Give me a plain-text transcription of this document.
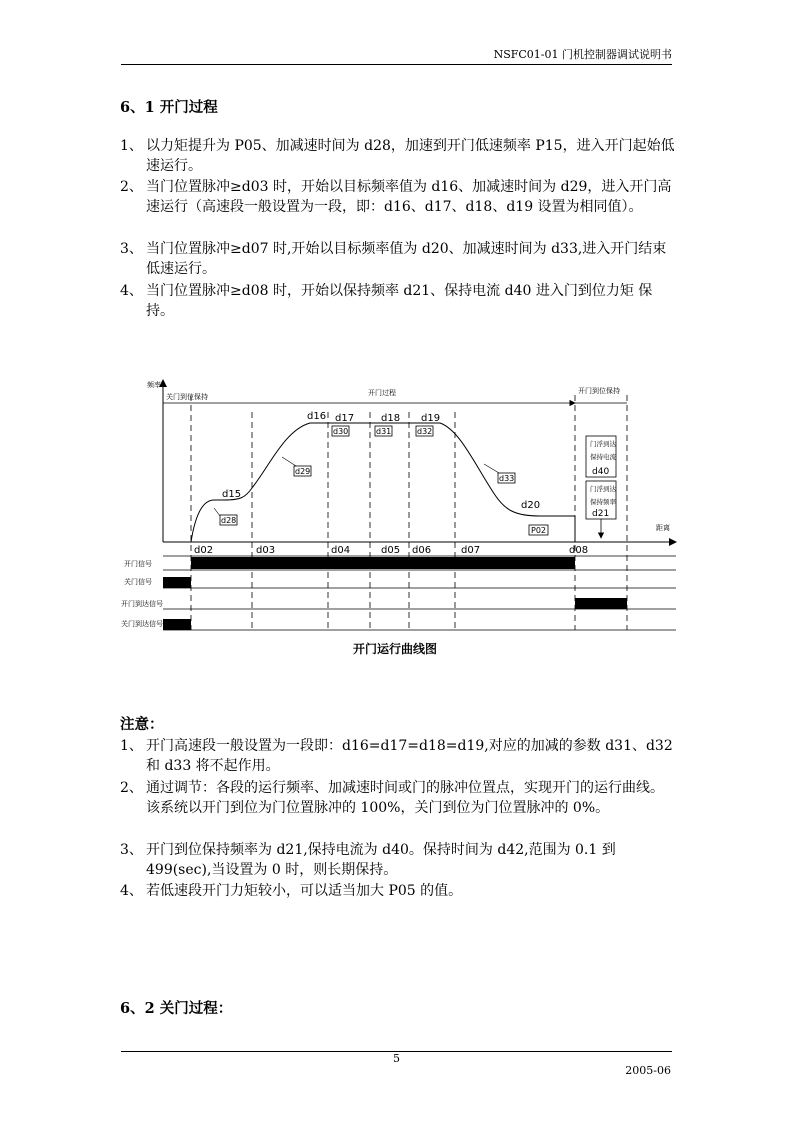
NSFC01-01 门机控制器调试说明书
6、1 开门过程
1、 以力矩提升为 P05、加减速时间为 d28，加速到开门低速频率 P15，进入开门起始低速运行。
2、 当门位置脉冲≥d03 时，开始以目标频率值为 d16、加减速时间为 d29，进入开门高速运行（高速段一般设置为一段，即：d16、d17、d18、d19 设置为相同值）。
3、 当门位置脉冲≥d07 时,开始以目标频率值为 d20、加减速时间为 d33,进入开门结束低速运行。
4、 当门位置脉冲≥d08 时，开始以保持频率 d21、保持电流 d40 进入门到位力矩 保持。
频率
距离
关门到位保持	开门过程	开门到位保持
d15
d16 d17	d18 d19
d20
d28
d29
d30	d31	d32
d33
P02
门浮到达
保持电流
d40
门浮到达
保持频率
d21
d02	d03	d04	d05 d06	d07	d08
开门信号
关门信号
开门到达信号
关门到达信号
开门运行曲线图
注意：
1、 开门高速段一般设置为一段即：d16=d17=d18=d19,对应的加减的参数 d31、d32 和 d33 将不起作用。
2、 通过调节：各段的运行频率、加减速时间或门的脉冲位置点，实现开门的运行曲线。该系统以开门到位为门位置脉冲的 100%，关门到位为门位置脉冲的 0%。
3、 开门到位保持频率为 d21,保持电流为 d40。保持时间为 d42,范围为 0.1 到 499(sec),当设置为 0 时，则长期保持。
4、 若低速段开门力矩较小，可以适当加大 P05 的值。
6、2 关门过程：
5
2005-06
